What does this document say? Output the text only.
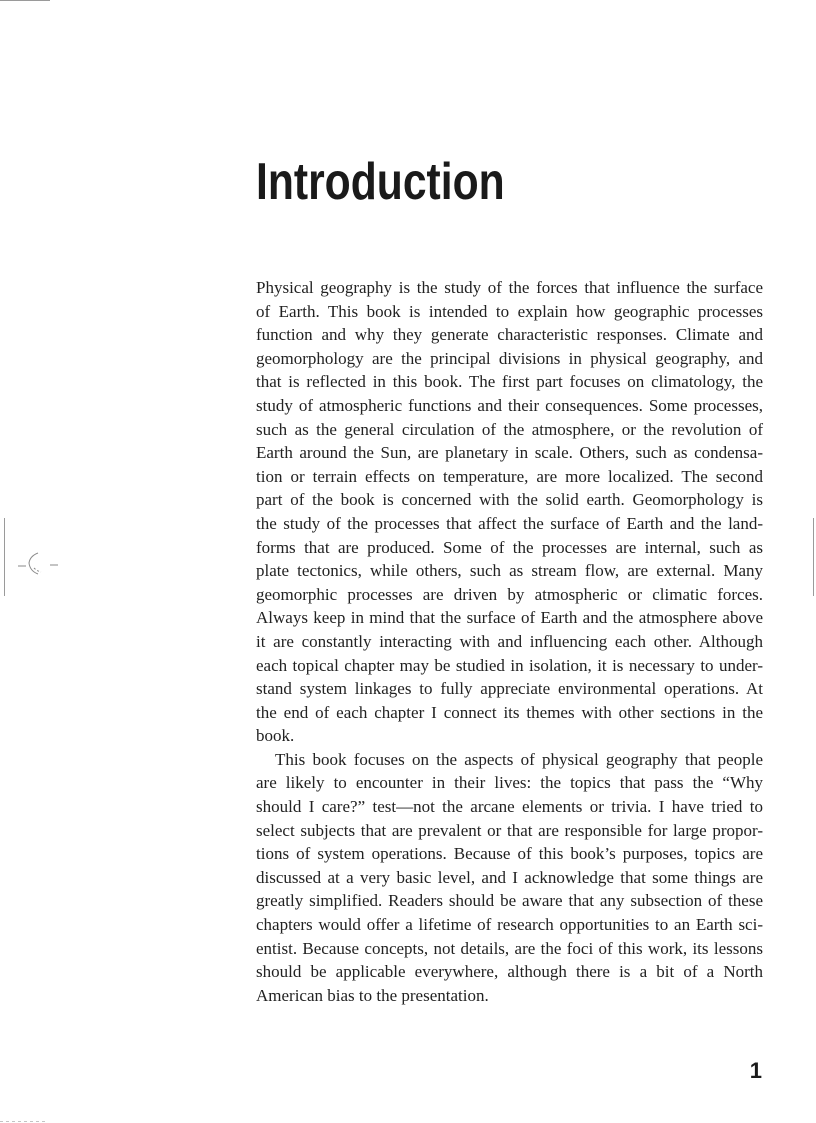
Introduction
Physical geography is the study of the forces that influence the surface
of Earth. This book is intended to explain how geographic processes
function and why they generate characteristic responses. Climate and
geomorphology are the principal divisions in physical geography, and
that is reflected in this book. The first part focuses on climatology, the
study of atmospheric functions and their consequences. Some processes,
such as the general circulation of the atmosphere, or the revolution of
Earth around the Sun, are planetary in scale. Others, such as condensa-
tion or terrain effects on temperature, are more localized. The second
part of the book is concerned with the solid earth. Geomorphology is
the study of the processes that affect the surface of Earth and the land-
forms that are produced. Some of the processes are internal, such as
plate tectonics, while others, such as stream flow, are external. Many
geomorphic processes are driven by atmospheric or climatic forces.
Always keep in mind that the surface of Earth and the atmosphere above
it are constantly interacting with and influencing each other. Although
each topical chapter may be studied in isolation, it is necessary to under-
stand system linkages to fully appreciate environmental operations. At
the end of each chapter I connect its themes with other sections in the
book.
This book focuses on the aspects of physical geography that people
are likely to encounter in their lives: the topics that pass the “Why
should I care?” test—not the arcane elements or trivia. I have tried to
select subjects that are prevalent or that are responsible for large propor-
tions of system operations. Because of this book’s purposes, topics are
discussed at a very basic level, and I acknowledge that some things are
greatly simplified. Readers should be aware that any subsection of these
chapters would offer a lifetime of research opportunities to an Earth sci-
entist. Because concepts, not details, are the foci of this work, its lessons
should be applicable everywhere, although there is a bit of a North
American bias to the presentation.
1
